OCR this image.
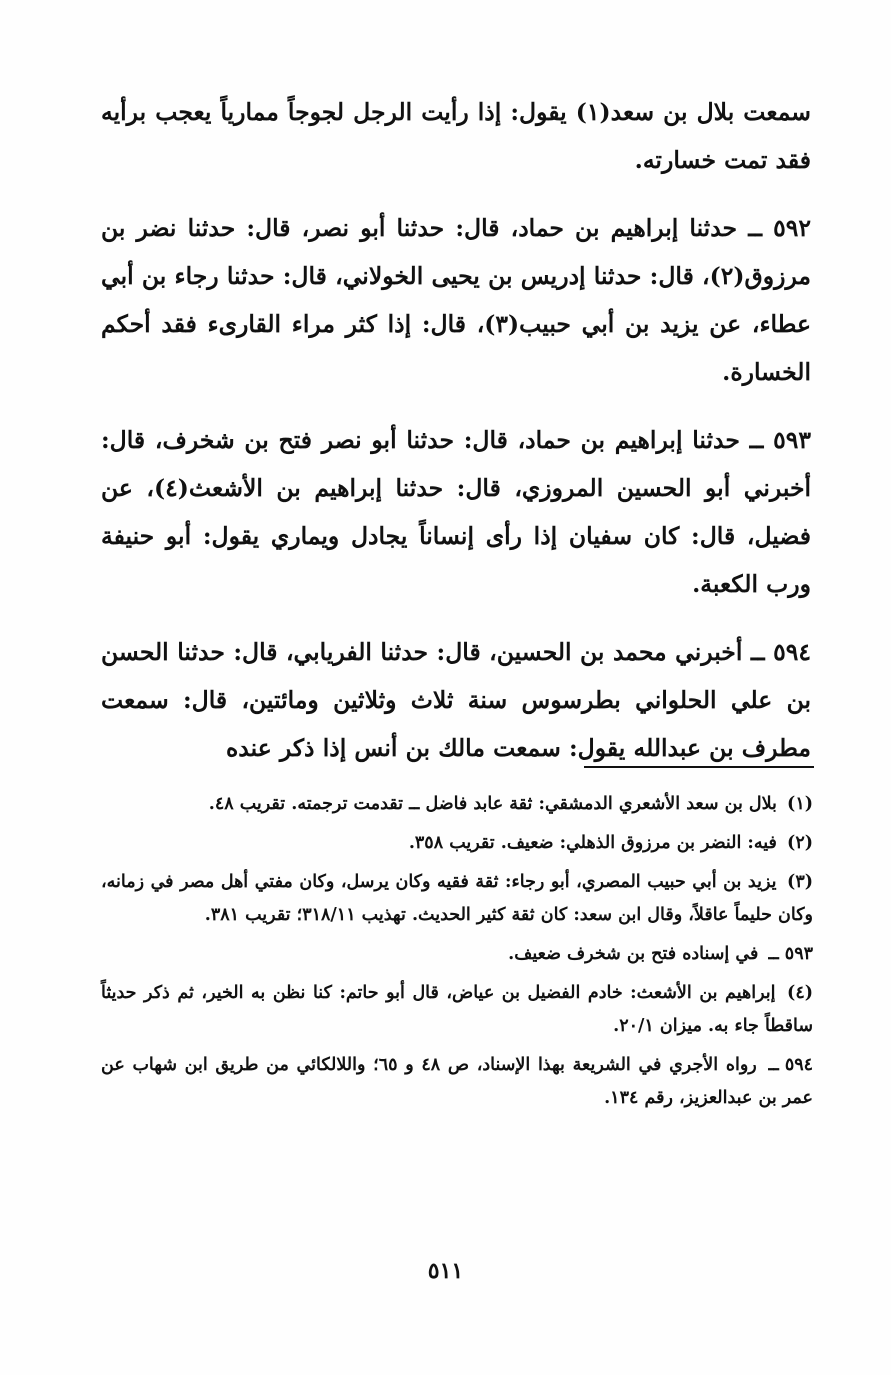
سمعت بلال بن سعد(١) يقول: إذا رأيت الرجل لجوجاً ممارياً يعجب برأيه فقد تمت خسارته.

٥٩٢ ــ حدثنا إبراهيم بن حماد، قال: حدثنا أبو نصر، قال: حدثنا نضر بن مرزوق(٢)، قال: حدثنا إدريس بن يحيى الخولاني، قال: حدثنا رجاء بن أبي عطاء، عن يزيد بن أبي حبيب(٣)، قال: إذا كثر مراء القارىء فقد أحكم الخسارة.

٥٩٣ ــ حدثنا إبراهيم بن حماد، قال: حدثنا أبو نصر فتح بن شخرف، قال: أخبرني أبو الحسين المروزي، قال: حدثنا إبراهيم بن الأشعث(٤)، عن فضيل، قال: كان سفيان إذا رأى إنساناً يجادل ويماري يقول: أبو حنيفة ورب الكعبة.

٥٩٤ ــ أخبرني محمد بن الحسين، قال: حدثنا الفريابي، قال: حدثنا الحسن بن علي الحلواني بطرسوس سنة ثلاث وثلاثين ومائتين، قال: سمعت مطرف بن عبدالله يقول: سمعت مالك بن أنس إذا ذكر عنده

(١) بلال بن سعد الأشعري الدمشقي: ثقة عابد فاضل ــ تقدمت ترجمته. تقريب ٤٨.

(٢) فيه: النضر بن مرزوق الذهلي: ضعيف. تقريب ٣٥٨.

(٣) يزيد بن أبي حبيب المصري، أبو رجاء: ثقة فقيه وكان يرسل، وكان مفتي أهل مصر في زمانه، وكان حليماً عاقلاً، وقال ابن سعد: كان ثقة كثير الحديث. تهذيب ٣١٨/١١؛ تقريب ٣٨١.

٥٩٣ ــ في إسناده فتح بن شخرف ضعيف.

(٤) إبراهيم بن الأشعث: خادم الفضيل بن عياض، قال أبو حاتم: كنا نظن به الخير، ثم ذكر حديثاً ساقطاً جاء به. ميزان ٢٠/١.

٥٩٤ ــ رواه الأجري في الشريعة بهذا الإسناد، ص ٤٨ و ٦٥؛ واللالكائي من طريق ابن شهاب عن عمر بن عبدالعزيز، رقم ١٣٤.

٥١١
